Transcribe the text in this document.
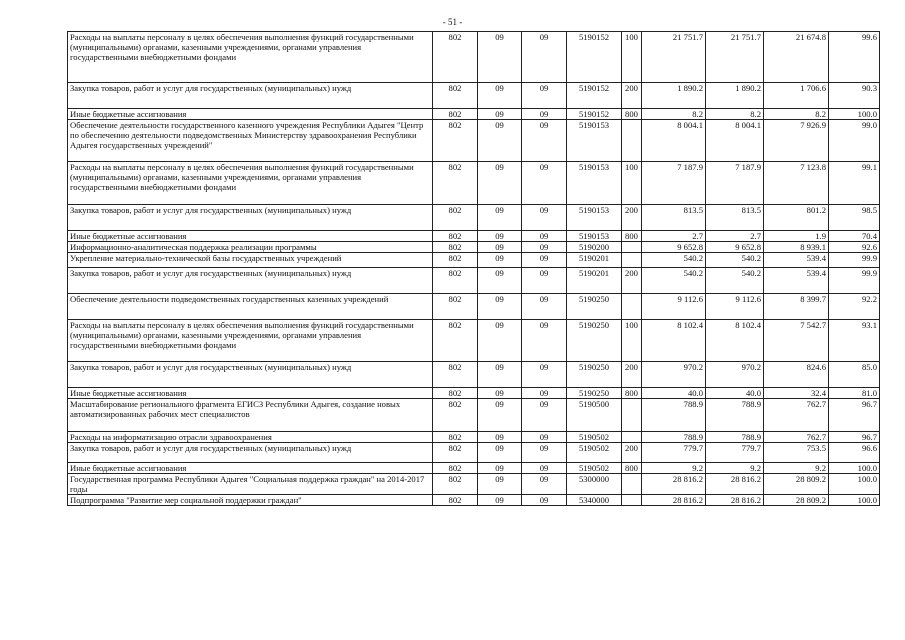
- 51 -
Расходы на выплаты персоналу в целях обеспечения выполнения функций государственными (муниципальными) органами, казенными учреждениями, органами управления государственными внебюджетными фондами	802	09	09	5190152	100	21 751.7	21 751.7	21 674.8	99.6
Закупка товаров, работ и услуг для государственных (муниципальных) нужд	802	09	09	5190152	200	1 890.2	1 890.2	1 706.6	90.3
Иные бюджетные ассигнования	802	09	09	5190152	800	8.2	8.2	8.2	100.0
Обеспечение деятельности государственного казенного учреждения Республики Адыгея "Центр по обеспечению деятельности подведомственных Министерству здравоохранения Республики Адыгея государственных учреждений"	802	09	09	5190153		8 004.1	8 004.1	7 926.9	99.0
Расходы на выплаты персоналу в целях обеспечения выполнения функций государственными (муниципальными) органами, казенными учреждениями, органами управления государственными внебюджетными фондами	802	09	09	5190153	100	7 187.9	7 187.9	7 123.8	99.1
Закупка товаров, работ и услуг для государственных (муниципальных) нужд	802	09	09	5190153	200	813.5	813.5	801.2	98.5
Иные бюджетные ассигнования	802	09	09	5190153	800	2.7	2.7	1.9	70.4
Информационно-аналитическая поддержка реализации программы	802	09	09	5190200		9 652.8	9 652.8	8 939.1	92.6
Укрепление материально-технической базы государственных учреждений	802	09	09	5190201		540.2	540.2	539.4	99.9
Закупка товаров, работ и услуг для государственных (муниципальных) нужд	802	09	09	5190201	200	540.2	540.2	539.4	99.9
Обеспечение деятельности подведомственных государственных казенных учреждений	802	09	09	5190250		9 112.6	9 112.6	8 399.7	92.2
Расходы на выплаты персоналу в целях обеспечения выполнения функций государственными (муниципальными) органами, казенными учреждениями, органами управления государственными внебюджетными фондами	802	09	09	5190250	100	8 102.4	8 102.4	7 542.7	93.1
Закупка товаров, работ и услуг для государственных (муниципальных) нужд	802	09	09	5190250	200	970.2	970.2	824.6	85.0
Иные бюджетные ассигнования	802	09	09	5190250	800	40.0	40.0	32.4	81.0
Масштабирование регионального фрагмента ЕГИСЗ Республики Адыгея, создание новых автоматизированных рабочих мест специалистов	802	09	09	5190500		788.9	788.9	762.7	96.7
Расходы на информатизацию отрасли здравоохранения	802	09	09	5190502		788.9	788.9	762.7	96.7
Закупка товаров, работ и услуг для государственных (муниципальных) нужд	802	09	09	5190502	200	779.7	779.7	753.5	96.6
Иные бюджетные ассигнования	802	09	09	5190502	800	9.2	9.2	9.2	100.0
Государственная программа Республики Адыгея "Социальная поддержка граждан" на 2014-2017 годы	802	09	09	5300000		28 816.2	28 816.2	28 809.2	100.0
Подпрограмма "Развитие мер социальной поддержки граждан"	802	09	09	5340000		28 816.2	28 816.2	28 809.2	100.0
